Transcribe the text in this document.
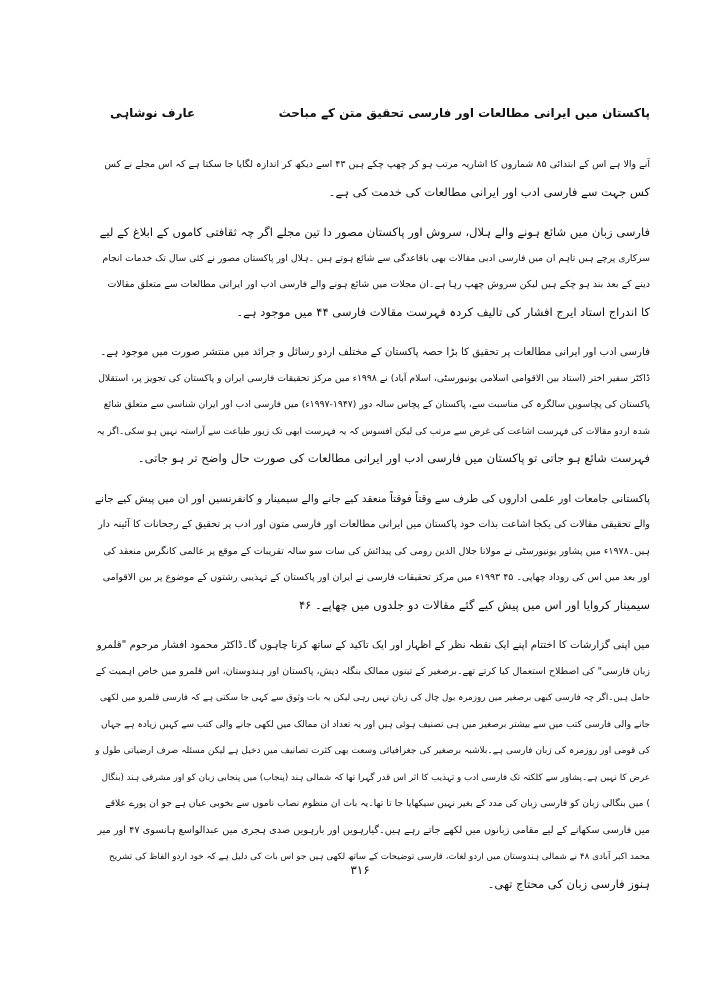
پاکستان میں ایرانی مطالعات اور فارسی تحقیق متن کے مباحث
عارف نوشاہی
آنے والا ہے اس کے ابتدائی ۸۵ شماروں کا اشاریہ مرتب ہو کر چھپ چکے ہیں ۴۳ اسے دیکھ کر اندازہ لگایا جا سکتا ہے کہ اس مجلے نے کس
کس جہت سے فارسی ادب اور ایرانی مطالعات کی خدمت کی ہے۔
فارسی زبان میں شائع ہونے والے ہلال، سروش اور پاکستان مصور دا تین مجلے اگر چہ ثقافتی کاموں کے ابلاغ کے لیے
سرکاری پرچے ہیں تاہم ان میں فارسی ادبی مقالات بھی باقاعدگی سے شائع ہوتے ہیں ۔ہلال اور پاکستان مصور نے کئی سال تک خدمات انجام
دینے کے بعد بند ہو چکے ہیں لیکن سروش چھپ رہا ہے۔ان مجلات میں شائع ہونے والے فارسی ادب اور ایرانی مطالعات سے متعلق مقالات
کا اندراج استاد ایرج افشار کی تالیف کردہ فہرست مقالات فارسی ۴۴ میں موجود ہے۔
فارسی ادب اور ایرانی مطالعات پر تحقیق کا بڑا حصہ پاکستان کے مختلف اردو رسائل و جرائد میں منتشر صورت میں موجود ہے۔
ڈاکٹر سفیر اختر (استاد بین الاقوامی اسلامی یونیورسٹی، اسلام آباد) نے ۱۹۹۸ء میں مرکز تحقیقات فارسی ایران و پاکستان کی تجویز پر، استقلال
پاکستان کی پچاسویں سالگرہ کی مناسبت سے، پاکستان کے پچاس سالہ دور (۱۹۴۷-۱۹۹۷ء) میں فارسی ادب اور ایران شناسی سے متعلق شائع
شدہ اردو مقالات کی فہرست اشاعت کی غرض سے مرتب کی لیکن افسوس کہ یہ فہرست ابھی تک زیور طباعت سے آراستہ نہیں ہو سکی۔اگر یہ
فہرست شائع ہو جاتی تو پاکستان میں فارسی ادب اور ایرانی مطالعات کی صورت حال واضح تر ہو جاتی۔
پاکستانی جامعات اور علمی اداروں کی طرف سے وقتاً فوقتاً منعقد کیے جانے والے سیمینار و کانفرنسیں اور ان میں پیش کیے جانے
والے تحقیقی مقالات کی یکجا اشاعت بذات خود پاکستان میں ایرانی مطالعات اور فارسی متون اور ادب پر تحقیق کے رجحانات کا آئینہ دار
ہیں۔۱۹۷۸ء میں پشاور یونیورسٹی نے مولانا جلال الدین رومی کی پیدائش کی سات سو سالہ تقریبات کے موقع پر عالمی کانگرس منعقد کی
اور بعد میں اس کی روداد چھاپی۔ ۴۵ ۱۹۹۳ء میں مرکز تحقیقات فارسی نے ایران اور پاکستان کے تہذیبی رشتوں کے موضوع پر بین الاقوامی
سیمینار کروایا اور اس میں پیش کیے گئے مقالات دو جلدوں میں چھاپے۔ ۴۶
میں اپنی گزارشات کا اختتام اپنے ایک نقطہ نظر کے اظہار اور ایک تاکید کے ساتھ کرنا چاہوں گا۔ڈاکٹر محمود افشار مرحوم "قلمرو
زبان فارسی" کی اصطلاح استعمال کیا کرتے تھے۔برصغیر کے تینوں ممالک بنگلہ دیش، پاکستان اور ہندوستان، اس قلمرو میں خاص اہمیت کے
حامل ہیں۔اگر چہ فارسی کبھی برصغیر میں روزمرہ بول چال کی زبان نہیں رہی لیکن یہ بات وثوق سے کہی جا سکتی ہے کہ فارسی قلمرو میں لکھی
جانے والی فارسی کتب میں سے بیشتر برصغیر میں ہی تصنیف ہوئی ہیں اور یہ تعداد ان ممالک میں لکھی جانے والی کتب سے کہیں زیادہ ہے جہاں
کی قومی اور روزمرہ کی زبان فارسی ہے۔بلاشبہ برصغیر کی جغرافیائی وسعت بھی کثرت تصانیف میں دخیل ہے لیکن مسئلہ صرف ارضیاتی طول و
عرض کا نہیں ہے۔پشاور سے کلکتہ تک فارسی ادب و تہذیب کا اثر اس قدر گہرا تھا کہ شمالی ہند (پنجاب) میں پنجابی زبان کو اور مشرقی ہند (بنگال
) میں بنگالی زبان کو فارسی زبان کی مدد کے بغیر نہیں سیکھایا جا تا تھا۔یہ بات ان منظوم نصاب ناموں سے بخوبی عیاں ہے جو ان پورے علاقے
میں فارسی سکھانے کے لیے مقامی زبانوں میں لکھے جاتے رہے ہیں۔گیارہویں اور بارہویں صدی ہجری میں عبدالواسع ہانسوی ۴۷ اور میر
محمد اکبر آبادی ۴۸ نے شمالی ہندوستان میں اردو لغات، فارسی توضیحات کے ساتھ لکھی ہیں جو اس بات کی دلیل ہے کہ خود اردو الفاظ کی تشریح
ہنوز فارسی زبان کی محتاج تھی۔
۳۱۶
